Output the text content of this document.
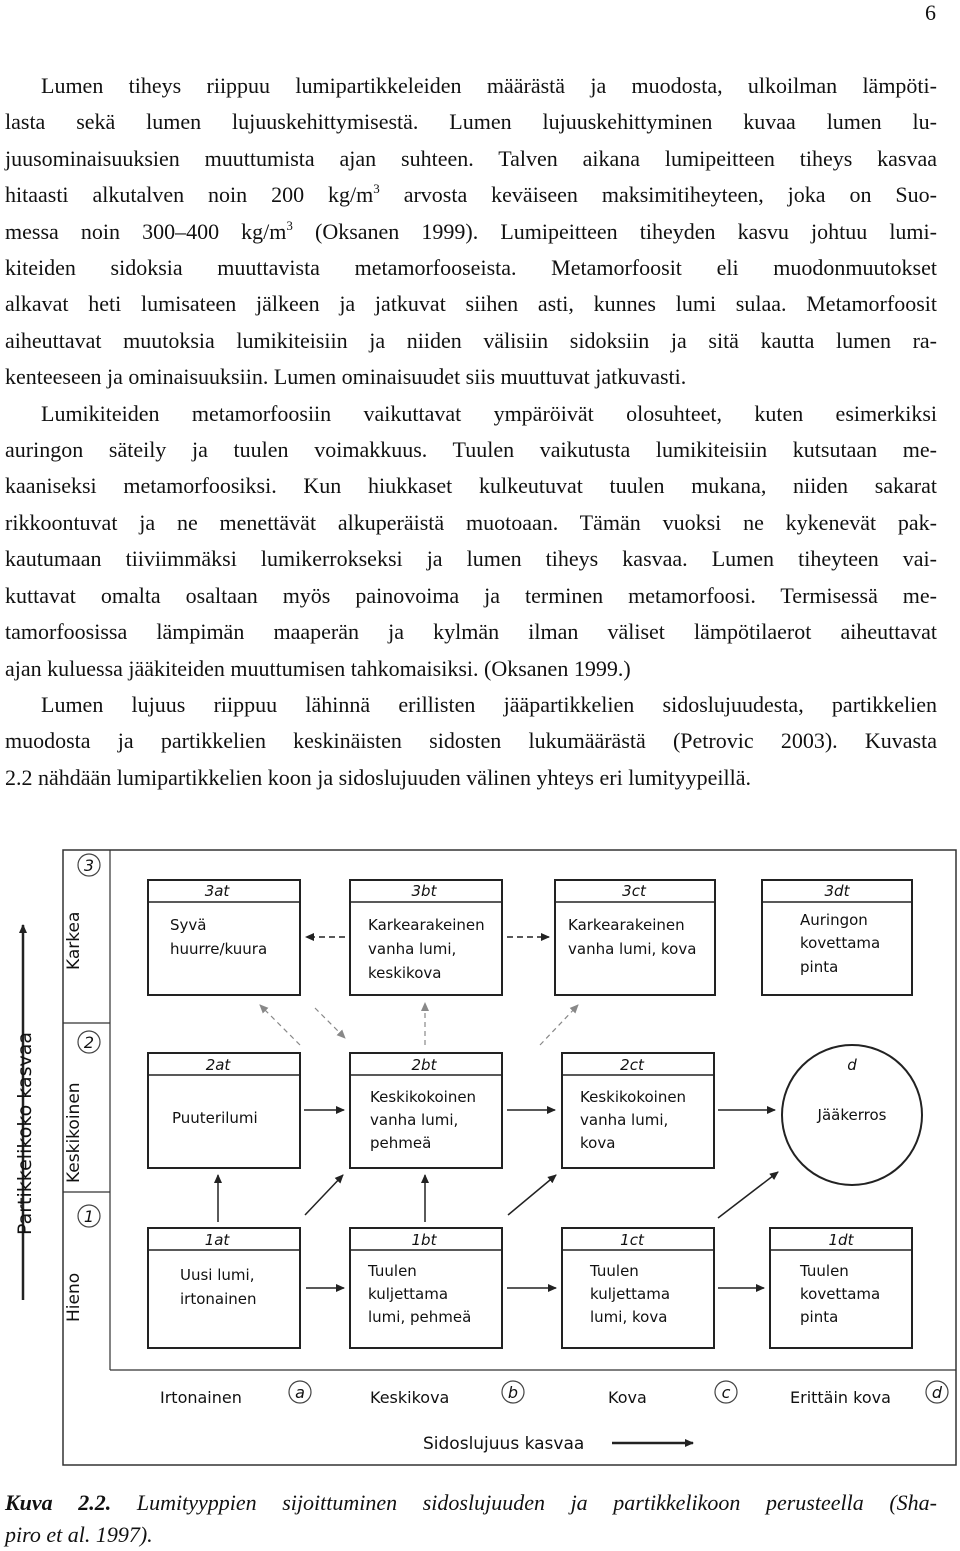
6
Lumen tiheys riippuu lumipartikkeleiden määrästä ja muodosta, ulkoilman lämpöti-
lasta sekä lumen lujuuskehittymisestä. Lumen lujuuskehittyminen kuvaa lumen lu-
juusominaisuuksien muuttumista ajan suhteen. Talven aikana lumipeitteen tiheys kasvaa
hitaasti alkutalven noin 200 $kg/m^3$ arvosta keväiseen maksimitiheyteen, joka on Suo-
messa noin 300–400 $kg/m^3$ (Oksanen 1999). Lumipeitteen tiheyden kasvu johtuu lumi-
kiteiden sidoksia muuttavista metamorfooseista. Metamorfoosit eli muodonmuutokset
alkavat heti lumisateen jälkeen ja jatkuvat siihen asti, kunnes lumi sulaa. Metamorfoosit
aiheuttavat muutoksia lumikiteisiin ja niiden välisiin sidoksiin ja sitä kautta lumen ra-
kenteeseen ja ominaisuuksiin. Lumen ominaisuudet siis muuttuvat jatkuvasti.
Lumikiteiden metamorfoosiin vaikuttavat ympäröivät olosuhteet, kuten esimerkiksi
auringon säteily ja tuulen voimakkuus. Tuulen vaikutusta lumikiteisiin kutsutaan me-
kaaniseksi metamorfoosiksi. Kun hiukkaset kulkeutuvat tuulen mukana, niiden sakarat
rikkoontuvat ja ne menettävät alkuperäistä muotoaan. Tämän vuoksi ne kykenevät pak-
kautumaan tiiviimmäksi lumikerrokseksi ja lumen tiheys kasvaa. Lumen tiheyteen vai-
kuttavat omalta osaltaan myös painovoima ja terminen metamorfoosi. Termisessä me-
tamorfoosissa lämpimän maaperän ja kylmän ilman väliset lämpötilaerot aiheuttavat
ajan kuluessa jääkiteiden muuttumisen tahkomaisiksi. (Oksanen 1999.)
Lumen lujuus riippuu lähinnä erillisten jääpartikkelien sidoslujuudesta, partikkelien
muodosta ja partikkelien keskinäisten sidosten lukumäärästä (Petrovic 2003). Kuvasta
2.2 nähdään lumipartikkelien koon ja sidoslujuuden välinen yhteys eri lumityypeillä.
Partikkelikoko kasvaa
3
Karkea
2
Keskikoinen
1
Hieno
Irtonainen	a	Keskikova	b	Kova	c	Erittäin kova	d
Sidoslujuus kasvaa
3at
Syvä
huurre/kuura
3bt
Karkearakeinen
vanha lumi,
keskikova
3ct
Karkearakeinen
vanha lumi, kova
3dt
Auringon
kovettama
pinta
2at
Puuterilumi
2bt
Keskikokoinen
vanha lumi,
pehmeä
2ct
Keskikokoinen
vanha lumi,
kova
d
Jääkerros
1at
Uusi lumi,
irtonainen
1bt
Tuulen
kuljettama
lumi, pehmeä
1ct
Tuulen
kuljettama
lumi, kova
1dt
Tuulen
kovettama
pinta
Kuva 2.2. Lumityyppien sijoittuminen sidoslujuuden ja partikkelikoon perusteella (Sha-
piro et al. 1997).
